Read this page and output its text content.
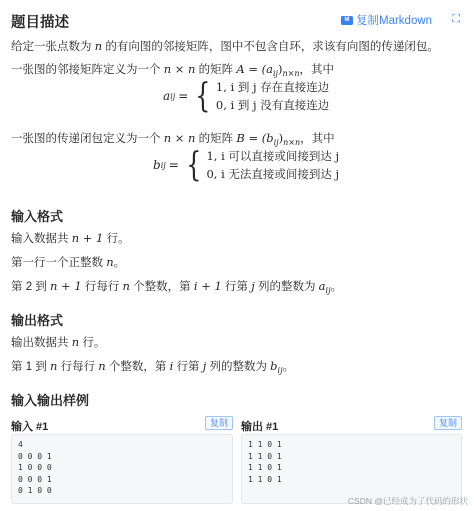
题目描述	M 复制Markdown ⛶
给定一张点数为 n 的有向图的邻接矩阵，图中不包含自环，求该有向图的传递闭包。
一张图的邻接矩阵定义为一个 n × n 的矩阵 $A = (a_{ij})_{n\times n}$，其中
a ij = { 1, i 到 j 存在直接连边
0, i 到 j 没有直接连边
一张图的传递闭包定义为一个 n × n 的矩阵 $B = (b_{ij})_{n\times n}$，其中
b ij = { 1, i 可以直接或间接到达 j
0, i 无法直接或间接到达 j
输入格式
输入数据共 n + 1 行。
第一行一个正整数 n。
第 2 到 n + 1 行每行 n 个整数，第 i + 1 行第 j 列的整数为 $a_{ij}$。
输出格式
输出数据共 n 行。
第 1 到 n 行每行 n 个整数，第 i 行第 j 列的整数为 $b_{ij}$。
输入输出样例
输入 #1	复制
4
0 0 0 1
1 0 0 0
0 0 0 1
0 1 0 0
输出 #1	复制
1 1 0 1
1 1 0 1
1 1 0 1
1 1 0 1
CSDN @已经成为了代码的形状
